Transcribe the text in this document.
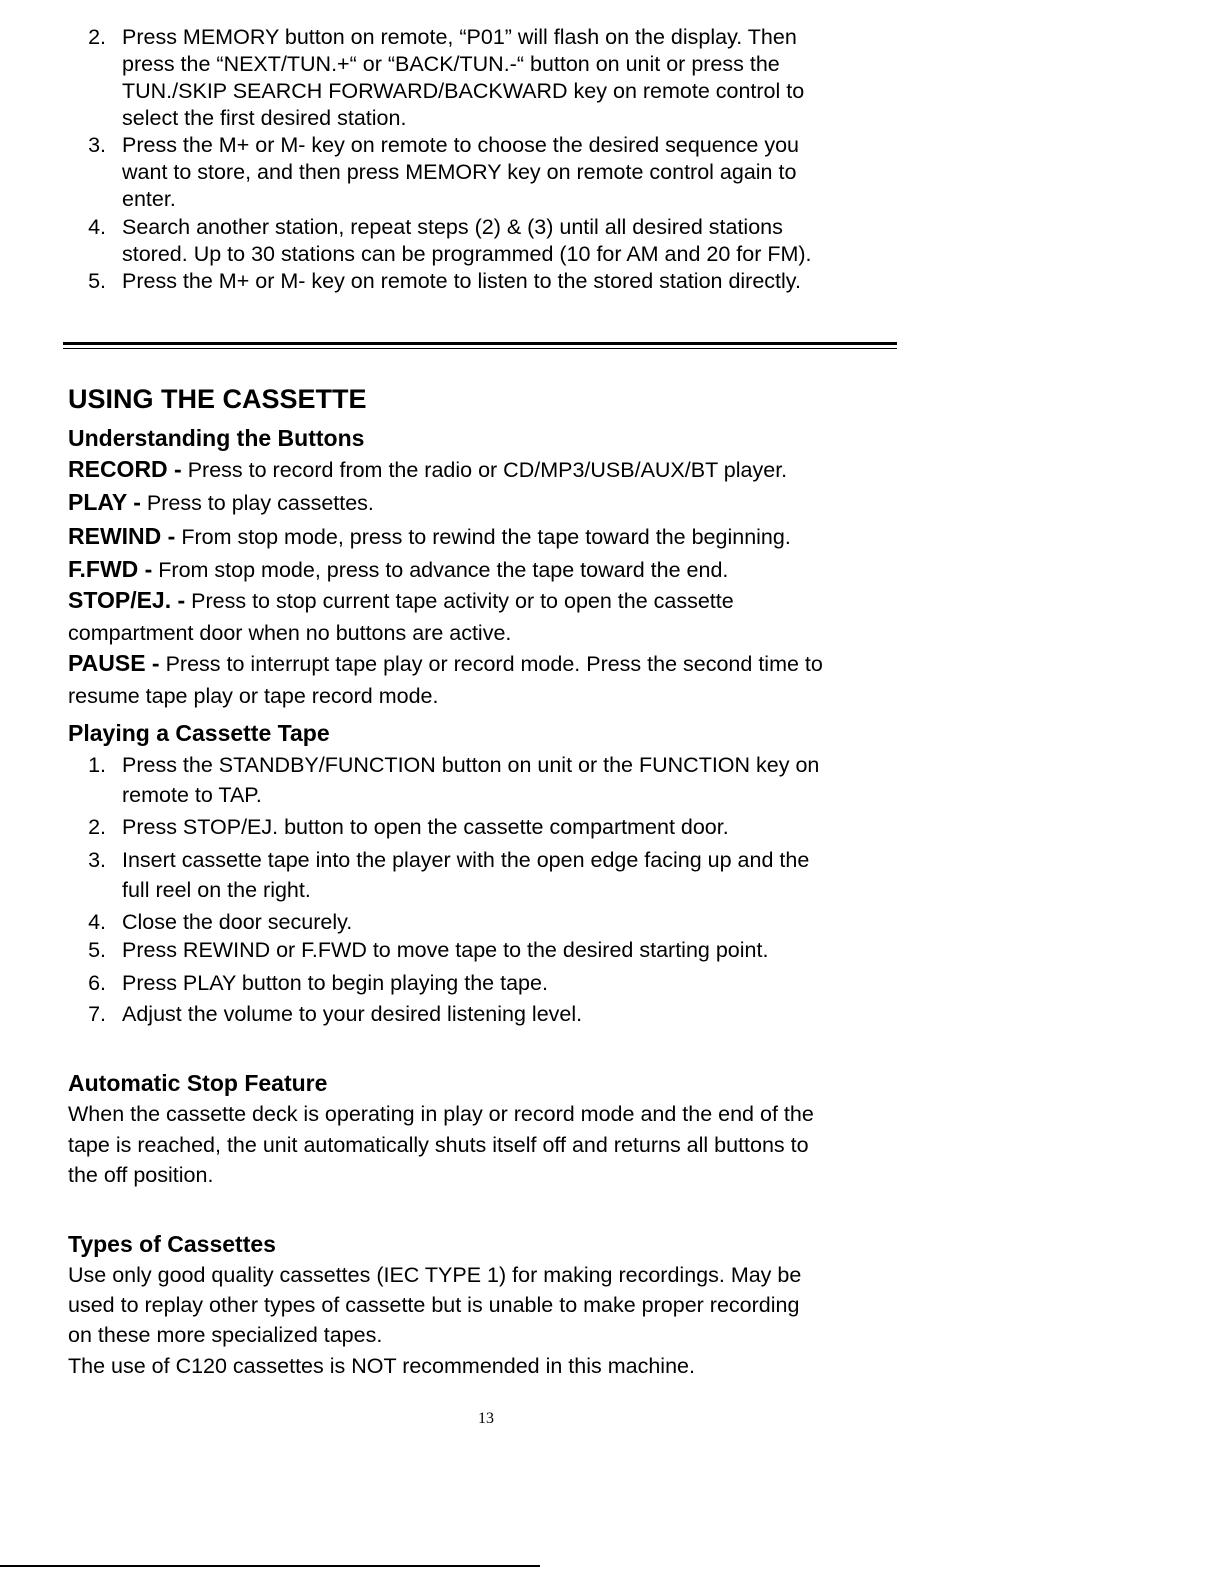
2. Press MEMORY button on remote, “P01” will flash on the display. Then
press the “NEXT/TUN.+“ or “BACK/TUN.-“ button on unit or press the
TUN./SKIP SEARCH FORWARD/BACKWARD key on remote control to
select the first desired station.
3. Press the M+ or M- key on remote to choose the desired sequence you
want to store, and then press MEMORY key on remote control again to
enter.
4. Search another station, repeat steps (2) & (3) until all desired stations
stored. Up to 30 stations can be programmed (10 for AM and 20 for FM).
5. Press the M+ or M- key on remote to listen to the stored station directly.
USING THE CASSETTE
Understanding the Buttons
RECORD - Press to record from the radio or CD/MP3/USB/AUX/BT player.
PLAY - Press to play cassettes.
REWIND - From stop mode, press to rewind the tape toward the beginning.
F.FWD - From stop mode, press to advance the tape toward the end.
STOP/EJ. - Press to stop current tape activity or to open the cassette
compartment door when no buttons are active.
PAUSE - Press to interrupt tape play or record mode. Press the second time to
resume tape play or tape record mode.
Playing a Cassette Tape
1. Press the STANDBY/FUNCTION button on unit or the FUNCTION key on
remote to TAP.
2. Press STOP/EJ. button to open the cassette compartment door.
3. Insert cassette tape into the player with the open edge facing up and the
full reel on the right.
4. Close the door securely.
5. Press REWIND or F.FWD to move tape to the desired starting point.
6. Press PLAY button to begin playing the tape.
7. Adjust the volume to your desired listening level.
Automatic Stop Feature
When the cassette deck is operating in play or record mode and the end of the
tape is reached, the unit automatically shuts itself off and returns all buttons to
the off position.
Types of Cassettes
Use only good quality cassettes (IEC TYPE 1) for making recordings. May be
used to replay other types of cassette but is unable to make proper recording
on these more specialized tapes.
The use of C120 cassettes is NOT recommended in this machine.
13
